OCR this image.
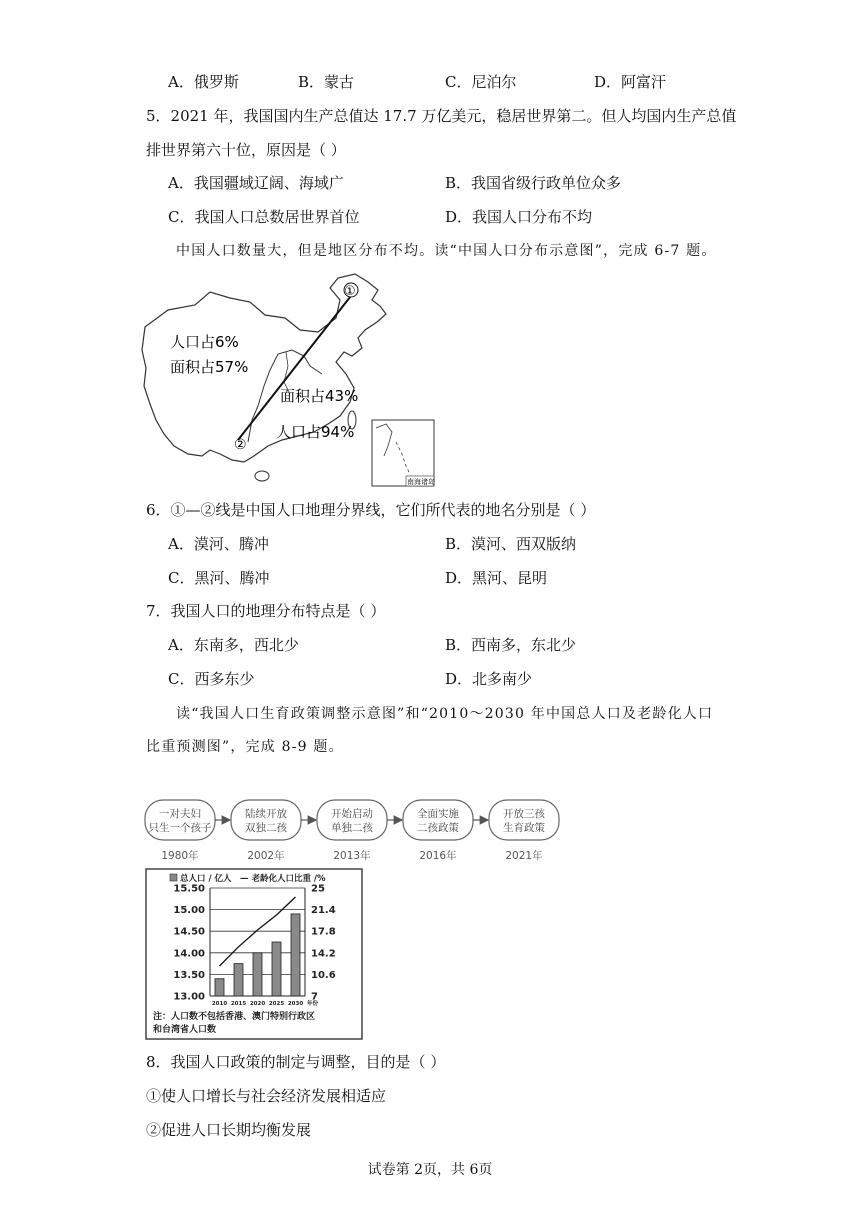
A．俄罗斯	B．蒙古	C．尼泊尔	D．阿富汗
5．2021 年，我国国内生产总值达 17.7 万亿美元，稳居世界第二。但人均国内生产总值
排世界第六十位，原因是（ ）
A．我国疆域辽阔、海域广	B．我国省级行政单位众多
C．我国人口总数居世界首位	D．我国人口分布不均
中国人口数量大，但是地区分布不均。读“中国人口分布示意图”，完成 6-7 题。
①
②
人口占6%
面积占57%
面积占43%
人口占94%
南海诸岛
6．①—②线是中国人口地理分界线，它们所代表的地名分别是（ ）
A．漠河、腾冲	B．漠河、西双版纳
C．黑河、腾冲	D．黑河、昆明
7．我国人口的地理分布特点是（ ）
A．东南多，西北少	B．西南多，东北少
C．西多东少	D．北多南少
读“我国人口生育政策调整示意图”和“2010～2030 年中国总人口及老龄化人口
比重预测图”，完成 8-9 题。
一对夫妇
只生一个孩子
1980年
陆续开放
双独二孩
2002年
开始启动
单独二孩
2013年
全面实施
二孩政策
2016年
开放三孩
生育政策
2021年
总人口 / 亿人 — 老龄化人口比重 /%
15.50
15.00
14.50
14.00
13.50
13.00
25
21.4
17.8
14.2
10.6
7
2010 2015 2020 2025 2030 年份
注：人口数不包括香港、澳门特别行政区
和台湾省人口数
8．我国人口政策的制定与调整，目的是（ ）
①使人口增长与社会经济发展相适应
②促进人口长期均衡发展
试卷第 2页，共 6页
